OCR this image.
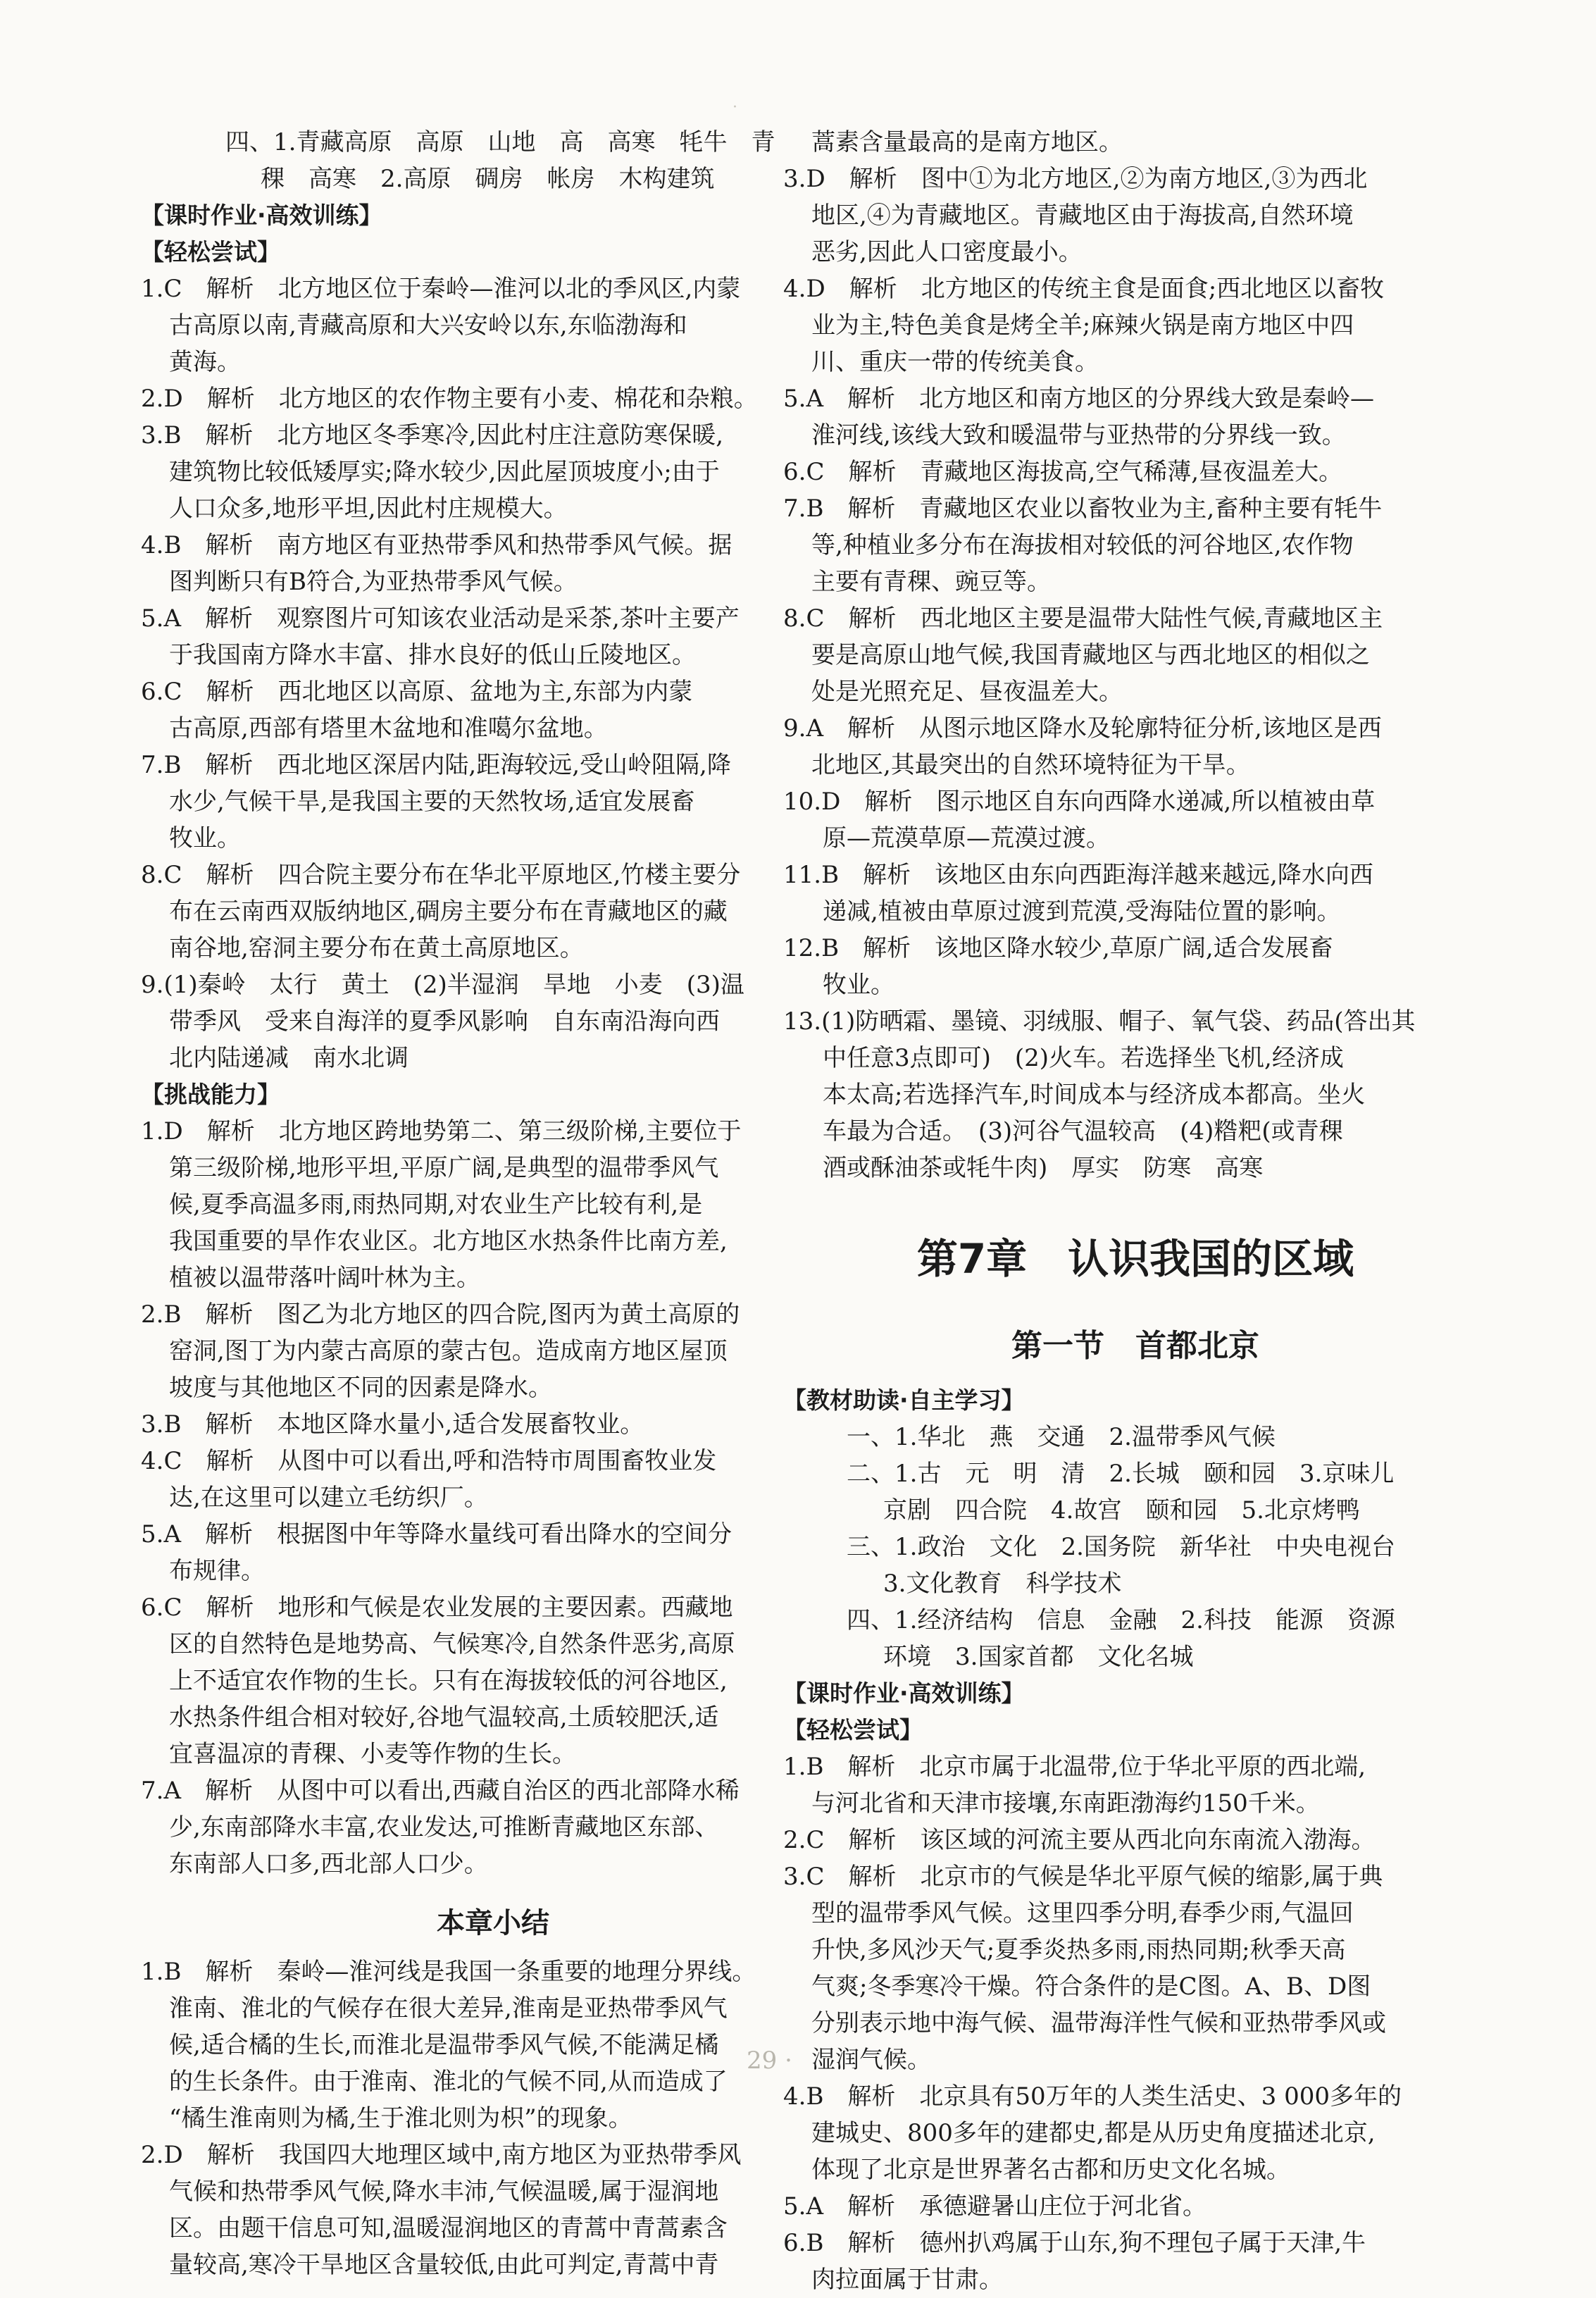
四、1.青藏高原　高原　山地　高　高寒　牦牛　青
稞　高寒　2.高原　碉房　帐房　木构建筑
【课时作业·高效训练】
【轻松尝试】
1.C　解析　北方地区位于秦岭—淮河以北的季风区,内蒙
古高原以南,青藏高原和大兴安岭以东,东临渤海和
黄海。
2.D　解析　北方地区的农作物主要有小麦、棉花和杂粮。
3.B　解析　北方地区冬季寒冷,因此村庄注意防寒保暖,
建筑物比较低矮厚实;降水较少,因此屋顶坡度小;由于
人口众多,地形平坦,因此村庄规模大。
4.B　解析　南方地区有亚热带季风和热带季风气候。据
图判断只有B符合,为亚热带季风气候。
5.A　解析　观察图片可知该农业活动是采茶,茶叶主要产
于我国南方降水丰富、排水良好的低山丘陵地区。
6.C　解析　西北地区以高原、盆地为主,东部为内蒙
古高原,西部有塔里木盆地和准噶尔盆地。
7.B　解析　西北地区深居内陆,距海较远,受山岭阻隔,降
水少,气候干旱,是我国主要的天然牧场,适宜发展畜
牧业。
8.C　解析　四合院主要分布在华北平原地区,竹楼主要分
布在云南西双版纳地区,碉房主要分布在青藏地区的藏
南谷地,窑洞主要分布在黄土高原地区。
9.(1)秦岭　太行　黄土　(2)半湿润　旱地　小麦　(3)温
带季风　受来自海洋的夏季风影响　自东南沿海向西
北内陆递减　南水北调
【挑战能力】
1.D　解析　北方地区跨地势第二、第三级阶梯,主要位于
第三级阶梯,地形平坦,平原广阔,是典型的温带季风气
候,夏季高温多雨,雨热同期,对农业生产比较有利,是
我国重要的旱作农业区。北方地区水热条件比南方差,
植被以温带落叶阔叶林为主。
2.B　解析　图乙为北方地区的四合院,图丙为黄土高原的
窑洞,图丁为内蒙古高原的蒙古包。造成南方地区屋顶
坡度与其他地区不同的因素是降水。
3.B　解析　本地区降水量小,适合发展畜牧业。
4.C　解析　从图中可以看出,呼和浩特市周围畜牧业发
达,在这里可以建立毛纺织厂。
5.A　解析　根据图中年等降水量线可看出降水的空间分
布规律。
6.C　解析　地形和气候是农业发展的主要因素。西藏地
区的自然特色是地势高、气候寒冷,自然条件恶劣,高原
上不适宜农作物的生长。只有在海拔较低的河谷地区,
水热条件组合相对较好,谷地气温较高,土质较肥沃,适
宜喜温凉的青稞、小麦等作物的生长。
7.A　解析　从图中可以看出,西藏自治区的西北部降水稀
少,东南部降水丰富,农业发达,可推断青藏地区东部、
东南部人口多,西北部人口少。
本章小结
1.B　解析　秦岭—淮河线是我国一条重要的地理分界线。
淮南、淮北的气候存在很大差异,淮南是亚热带季风气
候,适合橘的生长,而淮北是温带季风气候,不能满足橘
的生长条件。由于淮南、淮北的气候不同,从而造成了
“橘生淮南则为橘,生于淮北则为枳”的现象。
2.D　解析　我国四大地理区域中,南方地区为亚热带季风
气候和热带季风气候,降水丰沛,气候温暖,属于湿润地
区。由题干信息可知,温暖湿润地区的青蒿中青蒿素含
量较高,寒冷干旱地区含量较低,由此可判定,青蒿中青
蒿素含量最高的是南方地区。
3.D　解析　图中①为北方地区,②为南方地区,③为西北
地区,④为青藏地区。青藏地区由于海拔高,自然环境
恶劣,因此人口密度最小。
4.D　解析　北方地区的传统主食是面食;西北地区以畜牧
业为主,特色美食是烤全羊;麻辣火锅是南方地区中四
川、重庆一带的传统美食。
5.A　解析　北方地区和南方地区的分界线大致是秦岭—
淮河线,该线大致和暖温带与亚热带的分界线一致。
6.C　解析　青藏地区海拔高,空气稀薄,昼夜温差大。
7.B　解析　青藏地区农业以畜牧业为主,畜种主要有牦牛
等,种植业多分布在海拔相对较低的河谷地区,农作物
主要有青稞、豌豆等。
8.C　解析　西北地区主要是温带大陆性气候,青藏地区主
要是高原山地气候,我国青藏地区与西北地区的相似之
处是光照充足、昼夜温差大。
9.A　解析　从图示地区降水及轮廓特征分析,该地区是西
北地区,其最突出的自然环境特征为干旱。
10.D　解析　图示地区自东向西降水递减,所以植被由草
原—荒漠草原—荒漠过渡。
11.B　解析　该地区由东向西距海洋越来越远,降水向西
递减,植被由草原过渡到荒漠,受海陆位置的影响。
12.B　解析　该地区降水较少,草原广阔,适合发展畜
牧业。
13.(1)防晒霜、墨镜、羽绒服、帽子、氧气袋、药品(答出其
中任意3点即可)　(2)火车。若选择坐飞机,经济成
本太高;若选择汽车,时间成本与经济成本都高。坐火
车最为合适。　(3)河谷气温较高　(4)糌粑(或青稞
酒或酥油茶或牦牛肉)　厚实　防寒　高寒
第7章　认识我国的区域
第一节　首都北京
【教材助读·自主学习】
一、1.华北　燕　交通　2.温带季风气候
二、1.古　元　明　清　2.长城　颐和园　3.京味儿
京剧　四合院　4.故宫　颐和园　5.北京烤鸭
三、1.政治　文化　2.国务院　新华社　中央电视台
3.文化教育　科学技术
四、1.经济结构　信息　金融　2.科技　能源　资源
环境　3.国家首都　文化名城
【课时作业·高效训练】
【轻松尝试】
1.B　解析　北京市属于北温带,位于华北平原的西北端,
与河北省和天津市接壤,东南距渤海约150千米。
2.C　解析　该区域的河流主要从西北向东南流入渤海。
3.C　解析　北京市的气候是华北平原气候的缩影,属于典
型的温带季风气候。这里四季分明,春季少雨,气温回
升快,多风沙天气;夏季炎热多雨,雨热同期;秋季天高
气爽;冬季寒冷干燥。符合条件的是C图。A、B、D图
分别表示地中海气候、温带海洋性气候和亚热带季风或
湿润气候。
4.B　解析　北京具有50万年的人类生活史、3 000多年的
建城史、800多年的建都史,都是从历史角度描述北京,
体现了北京是世界著名古都和历史文化名城。
5.A　解析　承德避暑山庄位于河北省。
6.B　解析　德州扒鸡属于山东,狗不理包子属于天津,牛
肉拉面属于甘肃。
29 ·
·
